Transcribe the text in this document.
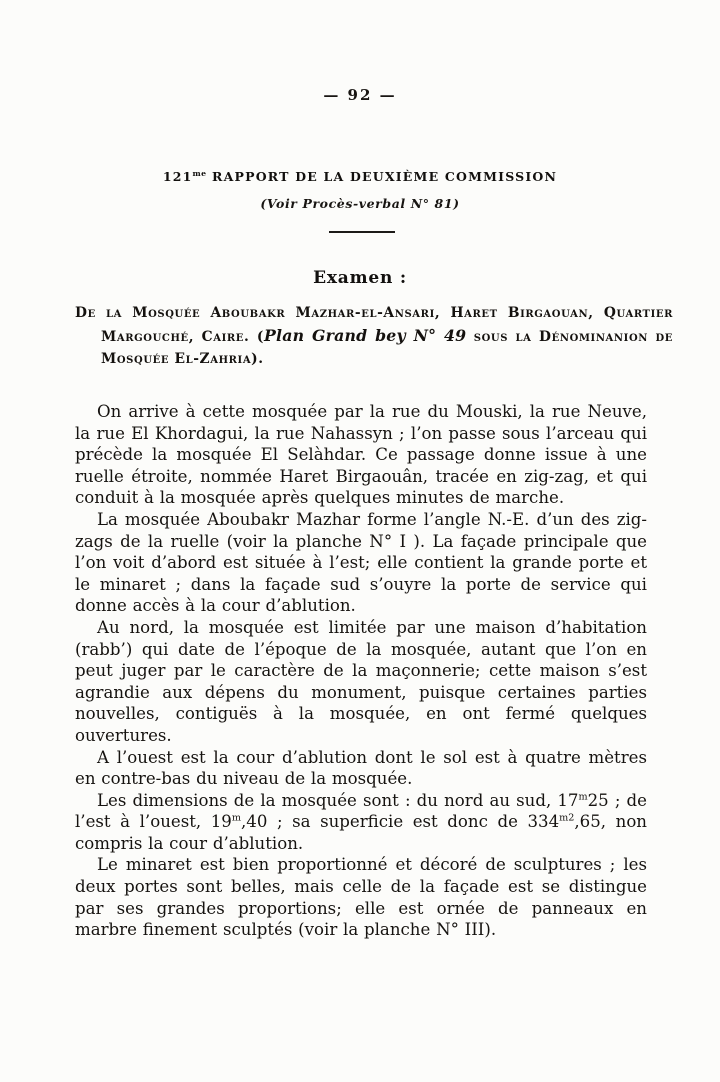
— 92 —
$121^{me}$ RAPPORT DE LA DEUXIÈME COMMISSION
(Voir Procès-verbal N° 81)
Examen :
De la Mosquée Aboubakr Mazhar-el-Ansari, Haret Birgaouan, Quartier Margouché, Caire. (Plan Grand bey N° 49 sous la Dénominanion de Mosquée El-Zahria).

On arrive à cette mosquée par la rue du Mouski, la rue Neuve, la rue El Khordagui, la rue Nahassyn ; l’on passe sous l’arceau qui précède la mosquée El Selàhdar. Ce passage donne issue à une ruelle étroite, nommée Haret Birgaouân, tracée en zig-zag, et qui conduit à la mosquée après quelques minutes de marche.

La mosquée Aboubakr Mazhar forme l’angle N.-E. d’un des zig-zags de la ruelle (voir la planche N° I ). La façade principale que l’on voit d’abord est située à l’est; elle contient la grande porte et le minaret ; dans la façade sud s’ouyre la porte de service qui donne accès à la cour d’ablution.

Au nord, la mosquée est limitée par une maison d’habitation (rabb’) qui date de l’époque de la mosquée, autant que l’on en peut juger par le caractère de la maçonnerie; cette maison s’est agrandie aux dépens du monument, puisque certaines parties nouvelles, contiguës à la mosquée, en ont fermé quelques ouvertures.

A l’ouest est la cour d’ablution dont le sol est à quatre mètres en contre-bas du niveau de la mosquée.

Les dimensions de la mosquée sont : du nord au sud, 17$^m$25 ; de l’est à l’ouest, 19$^m$,40 ; sa superficie est donc de $334^{m2},65$, non compris la cour d’ablution.

Le minaret est bien proportionné et décoré de sculptures ; les deux portes sont belles, mais celle de la façade est se distingue par ses grandes proportions; elle est ornée de panneaux en marbre finement sculptés (voir la planche N° III).
